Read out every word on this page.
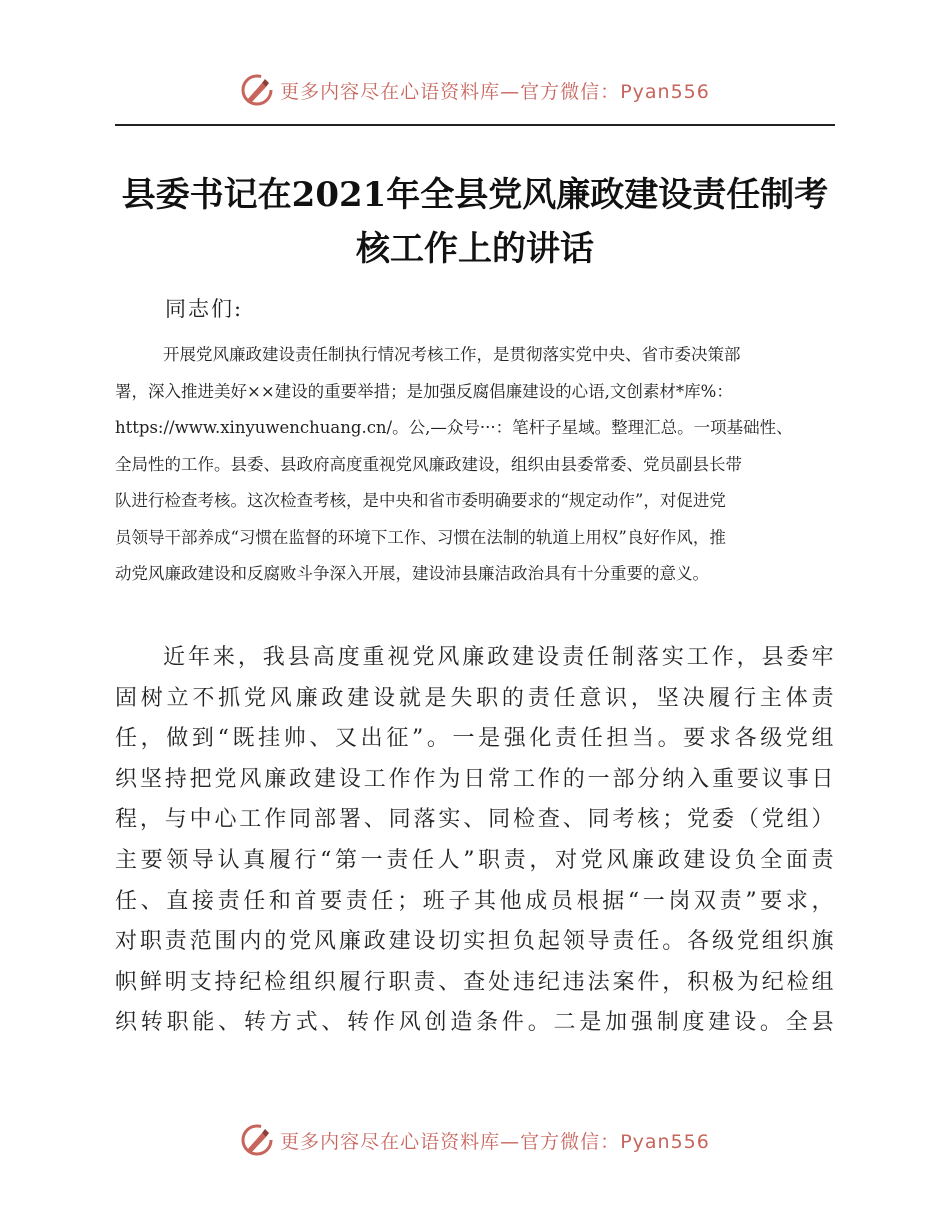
更多内容尽在心语资料库—官方微信：Pyan556
县委书记在2021年全县党风廉政建设责任制考
核工作上的讲话
同志们:
开展党风廉政建设责任制执行情况考核工作，是贯彻落实党中央、省市委决策部
署，深入推进美好××建设的重要举措；是加强反腐倡廉建设的心语,文创素材*库%：
https://www.xinyuwenchuang.cn/。公,—众号···：笔杆子星域。整理汇总。一项基础性、
全局性的工作。县委、县政府高度重视党风廉政建设，组织由县委常委、党员副县长带
队进行检查考核。这次检查考核，是中央和省市委明确要求的“规定动作”，对促进党
员领导干部养成“习惯在监督的环境下工作、习惯在法制的轨道上用权”良好作风，推
动党风廉政建设和反腐败斗争深入开展，建设沛县廉洁政治具有十分重要的意义。
近年来，我县高度重视党风廉政建设责任制落实工作，县委牢
固树立不抓党风廉政建设就是失职的责任意识，坚决履行主体责
任，做到“既挂帅、又出征”。一是强化责任担当。要求各级党组
织坚持把党风廉政建设工作作为日常工作的一部分纳入重要议事日
程，与中心工作同部署、同落实、同检查、同考核；党委（党组）
主要领导认真履行“第一责任人”职责，对党风廉政建设负全面责
任、直接责任和首要责任；班子其他成员根据“一岗双责”要求，
对职责范围内的党风廉政建设切实担负起领导责任。各级党组织旗
帜鲜明支持纪检组织履行职责、查处违纪违法案件，积极为纪检组
织转职能、转方式、转作风创造条件。二是加强制度建设。全县
更多内容尽在心语资料库—官方微信：Pyan556
